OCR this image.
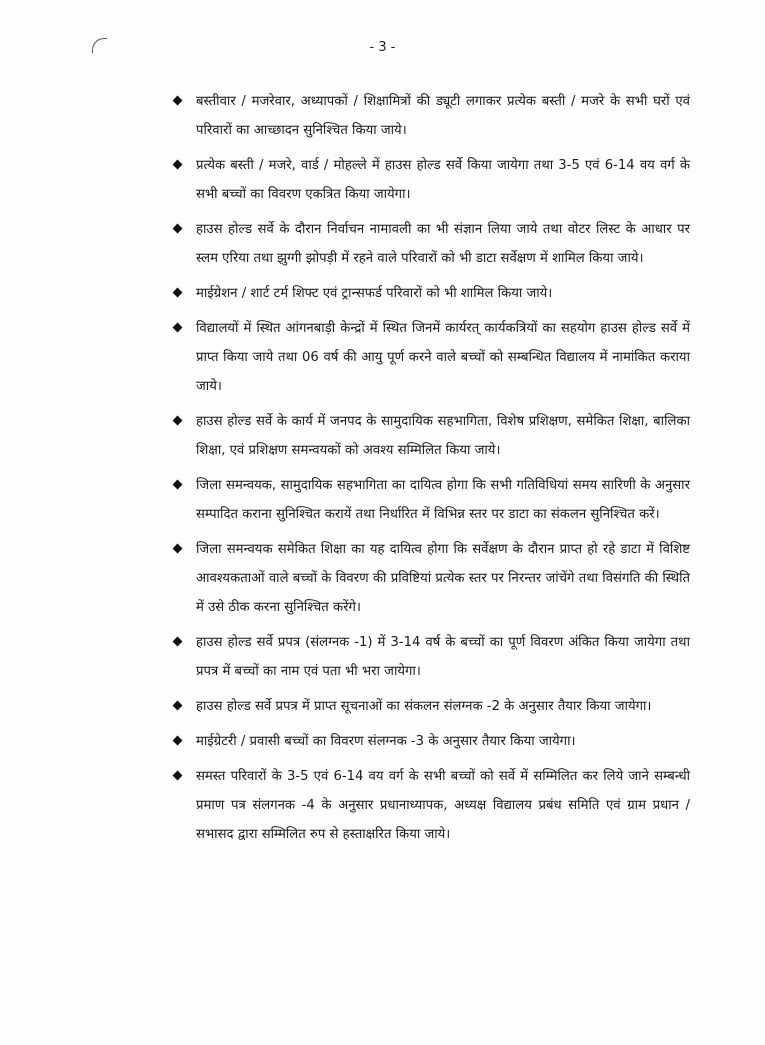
- 3 -
बस्तीवार / मजरेवार, अध्यापकों / शिक्षामित्रों की ड्यूटी लगाकर प्रत्येक बस्ती / मजरे के सभी घरों एवं परिवारों का आच्छादन सुनिश्चित किया जाये।
प्रत्येक बस्ती / मजरे, वार्ड / मोहल्ले में हाउस होल्ड सर्वे किया जायेगा तथा 3-5 एवं 6-14 वय वर्ग के सभी बच्चों का विवरण एकत्रित किया जायेगा।
हाउस होल्ड सर्वे के दौरान निर्वाचन नामावली का भी संज्ञान लिया जाये तथा वोटर लिस्ट के आधार पर स्लम एरिया तथा झुग्गी झोपड़ी में रहने वाले परिवारों को भी डाटा सर्वेक्षण में शामिल किया जाये।
माईग्रेशन / शार्ट टर्म शिफ्ट एवं ट्रान्सफर्ड परिवारों को भी शामिल किया जाये।
विद्यालयों में स्थित आंगनबाड़ी केन्द्रों में स्थित जिनमें कार्यरत् कार्यकत्रियों का सहयोग हाउस होल्ड सर्वे में प्राप्त किया जाये तथा 06 वर्ष की आयु पूर्ण करने वाले बच्चों को सम्बन्धित विद्यालय में नामांकित कराया जाये।
हाउस होल्ड सर्वे के कार्य में जनपद के सामुदायिक सहभागिता, विशेष प्रशिक्षण, समेकित शिक्षा, बालिका शिक्षा, एवं प्रशिक्षण समन्वयकों को अवश्य सम्मिलित किया जाये।
जिला समन्वयक, सामुदायिक सहभागिता का दायित्व होगा कि सभी गतिविधियां समय सारिणी के अनुसार सम्पादित कराना सुनिश्चित करायें तथा निर्धारित में विभिन्न स्तर पर डाटा का संकलन सुनिश्चित करें।
जिला समन्वयक समेकित शिक्षा का यह दायित्व होगा कि सर्वेक्षण के दौरान प्राप्त हो रहे डाटा में विशिष्ट आवश्यकताओं वाले बच्चों के विवरण की प्रविष्टियां प्रत्येक स्तर पर निरन्तर जांचेंगे तथा विसंगति की स्थिति में उसे ठीक करना सुनिश्चित करेंगे।
हाउस होल्ड सर्वे प्रपत्र (संलग्नक -1) में 3-14 वर्ष के बच्चों का पूर्ण विवरण अंकित किया जायेगा तथा प्रपत्र में बच्चों का नाम एवं पता भी भरा जायेगा।
हाउस होल्ड सर्वे प्रपत्र में प्राप्त सूचनाओं का संकलन संलग्नक -2 के अनुसार तैयार किया जायेगा।
माईग्रेटरी / प्रवासी बच्चों का विवरण संलग्नक -3 के अनुसार तैयार किया जायेगा।
समस्त परिवारों के 3-5 एवं 6-14 वय वर्ग के सभी बच्चों को सर्वे में सम्मिलित कर लिये जाने सम्बन्धी प्रमाण पत्र संलगनक -4 के अनुसार प्रधानाध्यापक, अध्यक्ष विद्यालय प्रबंध समिति एवं ग्राम प्रधान / सभासद द्वारा सम्मिलित रुप से हस्ताक्षरित किया जाये।
